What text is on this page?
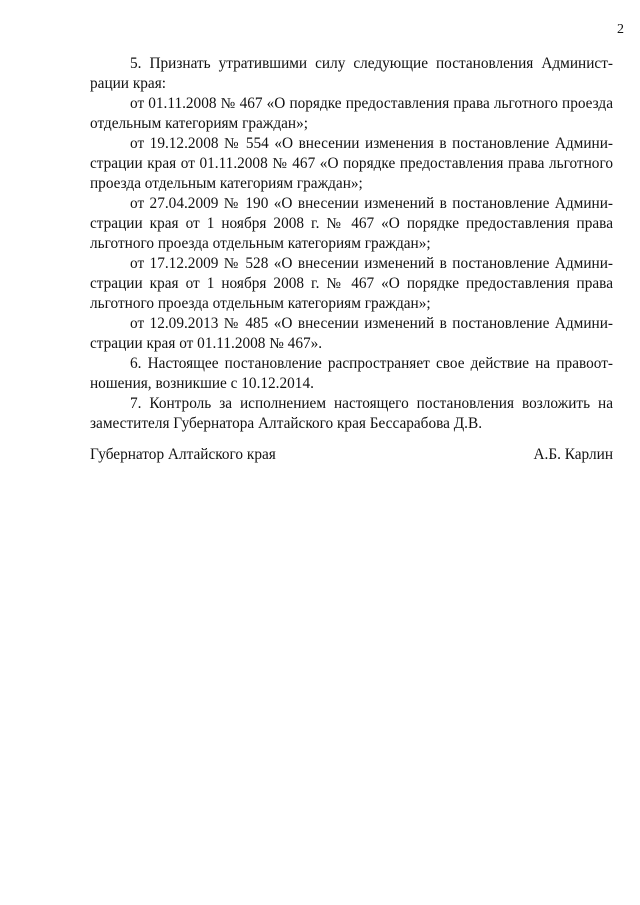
2

5. Признать утратившими силу следующие постановления Администрации края:

от 01.11.2008 № 467 «О порядке предоставления права льготного проезда отдельным категориям граждан»;

от 19.12.2008 № 554 «О внесении изменения в постановление Администрации края от 01.11.2008 № 467 «О порядке предоставления права льготного проезда отдельным категориям граждан»;

от 27.04.2009 № 190 «О внесении изменений в постановление Администрации края от 1 ноября 2008 г. № 467 «О порядке предоставления права льготного проезда отдельным категориям граждан»;

от 17.12.2009 № 528 «О внесении изменений в постановление Администрации края от 1 ноября 2008 г. № 467 «О порядке предоставления права льготного проезда отдельным категориям граждан»;

от 12.09.2013 № 485 «О внесении изменений в постановление Администрации края от 01.11.2008 № 467».

6. Настоящее постановление распространяет свое действие на правоотношения, возникшие с 10.12.2014.

7. Контроль за исполнением настоящего постановления возложить на заместителя Губернатора Алтайского края Бессарабова Д.В.

Губернатор Алтайского края	А.Б. Карлин
